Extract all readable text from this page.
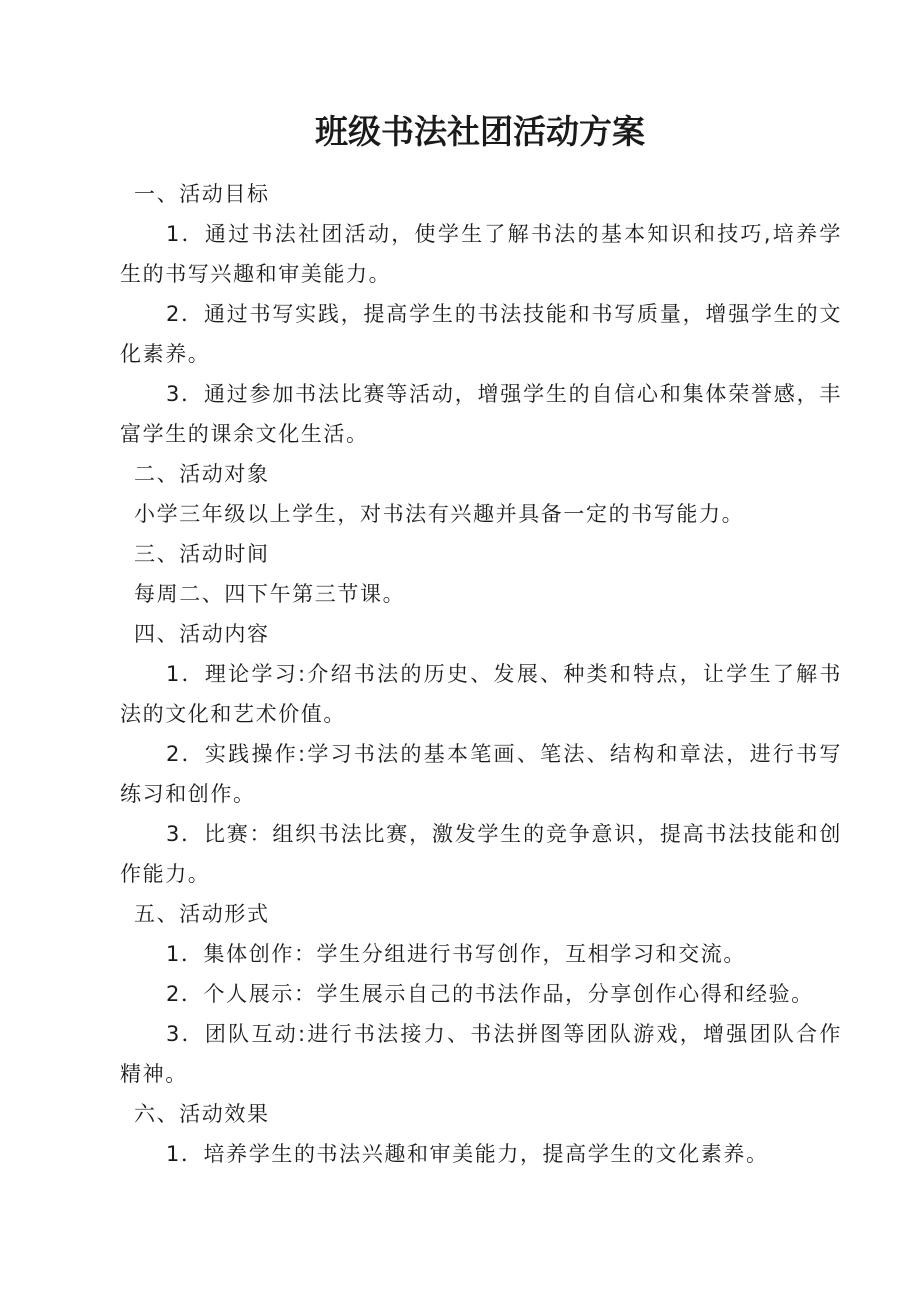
班级书法社团活动方案
一、活动目标

1．通过书法社团活动，使学生了解书法的基本知识和技巧,培养学生的书写兴趣和审美能力。

2．通过书写实践，提高学生的书法技能和书写质量，增强学生的文化素养。

3．通过参加书法比赛等活动，增强学生的自信心和集体荣誉感，丰富学生的课余文化生活。

二、活动对象

小学三年级以上学生，对书法有兴趣并具备一定的书写能力。

三、活动时间

每周二、四下午第三节课。

四、活动内容

1．理论学习:介绍书法的历史、发展、种类和特点，让学生了解书法的文化和艺术价值。

2．实践操作:学习书法的基本笔画、笔法、结构和章法，进行书写练习和创作。

3．比赛：组织书法比赛，激发学生的竞争意识，提高书法技能和创作能力。

五、活动形式

1．集体创作：学生分组进行书写创作，互相学习和交流。

2．个人展示：学生展示自己的书法作品，分享创作心得和经验。

3．团队互动:进行书法接力、书法拼图等团队游戏，增强团队合作精神。

六、活动效果

1．培养学生的书法兴趣和审美能力，提高学生的文化素养。
